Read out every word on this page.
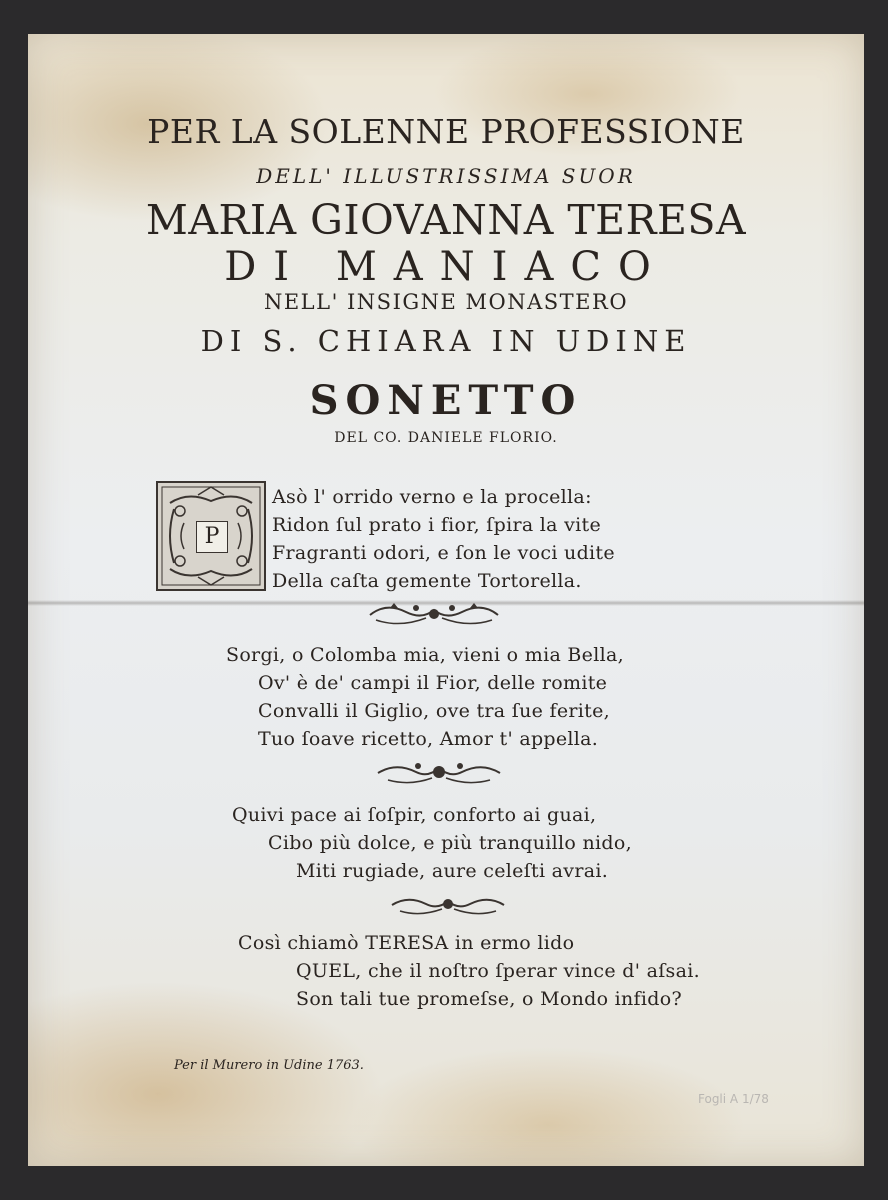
PER LA SOLENNE PROFESSIONE
DELL' ILLUSTRISSIMA SUOR
MARIA GIOVANNA TERESA
DI MANIACO
NELL' INSIGNE MONASTERO
DI S. CHIARA IN UDINE
SONETTO
DEL CO. DANIELE FLORIO.
P
Asò l' orrido verno e la procella:
Ridon ſul prato i fior, ſpira la vite
Fragranti odori, e ſon le voci udite
Della caſta gemente Tortorella.
Sorgi, o Colomba mia, vieni o mia Bella,
Ov' è de' campi il Fior, delle romite
Convalli il Giglio, ove tra ſue ferite,
Tuo ſoave ricetto, Amor t' appella.
Quivi pace ai ſoſpir, conforto ai guai,
Cibo più dolce, e più tranquillo nido,
Miti rugiade, aure celeſti avrai.
Così chiamò TERESA in ermo lido
QUEL, che il noſtro ſperar vince d' aſsai.
Son tali tue promeſse, o Mondo infido?
Per il Murero in Udine 1763.
Fogli A 1/78
